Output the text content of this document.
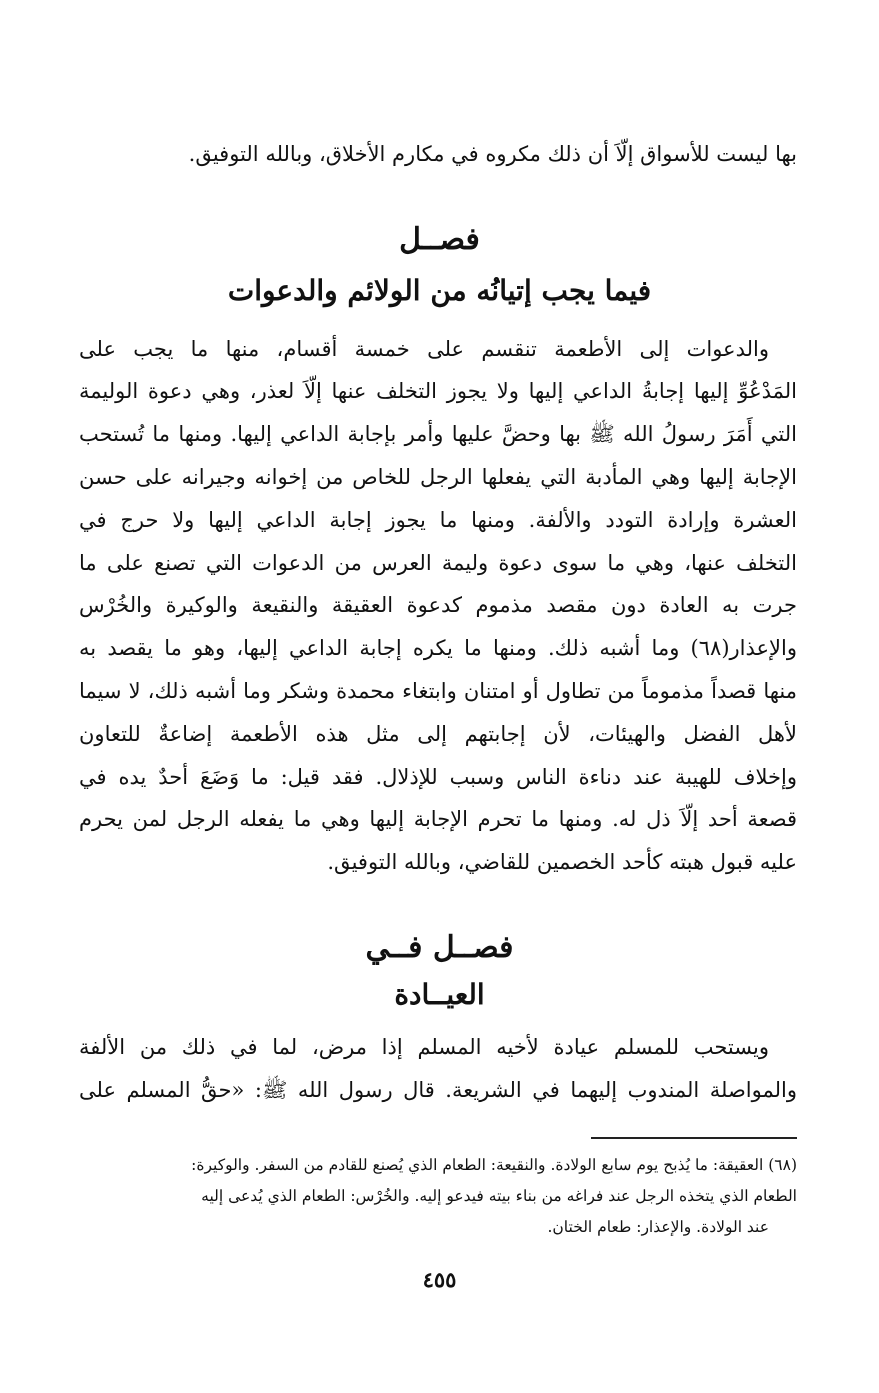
بها ليست للأسواق إلّاَ أن ذلك مكروه في مكارم الأخلاق، وبالله التوفيق.
فصــل
فيما يجب إتيانُه من الولائم والدعوات
والدعوات إلى الأطعمة تنقسم على خمسة أقسام، منها ما يجب على
المَدْعُوِّ إليها إجابةُ الداعي إليها ولا يجوز التخلف عنها إلّاَ لعذر، وهي دعوة الوليمة
التي أَمَرَ رسولُ الله ﷺ بها وحضَّ عليها وأمر بإجابة الداعي إليها. ومنها ما تُستحب
الإجابة إليها وهي المأدبة التي يفعلها الرجل للخاص من إخوانه وجيرانه على حسن
العشرة وإرادة التودد والألفة. ومنها ما يجوز إجابة الداعي إليها ولا حرج في
التخلف عنها، وهي ما سوى دعوة وليمة العرس من الدعوات التي تصنع على ما
جرت به العادة دون مقصد مذموم كدعوة العقيقة والنقيعة والوكيرة والخُرْس
والإعذار(٦٨) وما أشبه ذلك. ومنها ما يكره إجابة الداعي إليها، وهو ما يقصد به
منها قصداً مذموماً من تطاول أو امتنان وابتغاء محمدة وشكر وما أشبه ذلك، لا سيما
لأهل الفضل والهيئات، لأن إجابتهم إلى مثل هذه الأطعمة إضاعةٌ للتعاون
وإخلاف للهيبة عند دناءة الناس وسبب للإذلال. فقد قيل: ما وَضَعَ أحدٌ يده في
قصعة أحد إلّاَ ذل له. ومنها ما تحرم الإجابة إليها وهي ما يفعله الرجل لمن يحرم
عليه قبول هبته كأحد الخصمين للقاضي، وبالله التوفيق.
فصــل فــي
العيــادة
ويستحب للمسلم عيادة لأخيه المسلم إذا مرض، لما في ذلك من الألفة
والمواصلة المندوب إليهما في الشريعة. قال رسول الله ﷺ: «حقُّ المسلم على
(٦٨) العقيقة: ما يُذبح يوم سابع الولادة. والنقيعة: الطعام الذي يُصنع للقادم من السفر. والوكيرة:
الطعام الذي يتخذه الرجل عند فراغه من بناء بيته فيدعو إليه. والخُرْس: الطعام الذي يُدعى إليه
عند الولادة. والإعذار: طعام الختان.
٤٥٥
